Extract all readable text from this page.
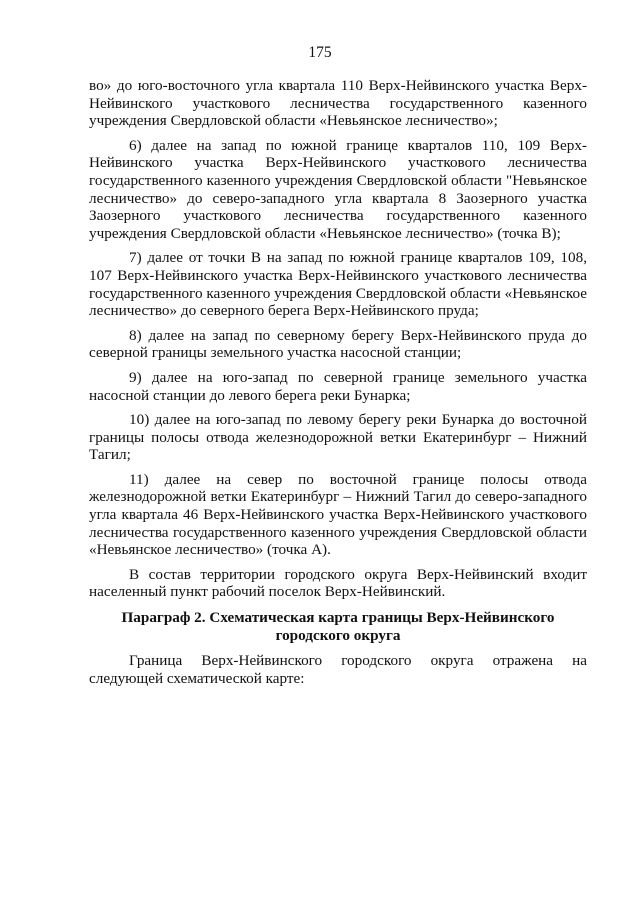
175

во» до юго-восточного угла квартала 110 Верх-Нейвинского участка Верх-Нейвинского участкового лесничества государственного казенного учреждения Свердловской области «Невьянское лесничество»;

6) далее на запад по южной границе кварталов 110, 109 Верх-Нейвинского участка Верх-Нейвинского участкового лесничества государственного казенного учреждения Свердловской области "Невьянское лесничество» до северо-западного угла квартала 8 Заозерного участка Заозерного участкового лесничества государственного казенного учреждения Свердловской области «Невьянское лесничество» (точка В);

7) далее от точки В на запад по южной границе кварталов 109, 108, 107 Верх-Нейвинского участка Верх-Нейвинского участкового лесничества государственного казенного учреждения Свердловской области «Невьянское лесничество» до северного берега Верх-Нейвинского пруда;

8) далее на запад по северному берегу Верх-Нейвинского пруда до северной границы земельного участка насосной станции;

9) далее на юго-запад по северной границе земельного участка насосной станции до левого берега реки Бунарка;

10) далее на юго-запад по левому берегу реки Бунарка до восточной границы полосы отвода железнодорожной ветки Екатеринбург – Нижний Тагил;

11) далее на север по восточной границе полосы отвода железнодорожной ветки Екатеринбург – Нижний Тагил до северо-западного угла квартала 46 Верх-Нейвинского участка Верх-Нейвинского участкового лесничества государственного казенного учреждения Свердловской области «Невьянское лесничество» (точка А).

В состав территории городского округа Верх-Нейвинский входит населенный пункт рабочий поселок Верх-Нейвинский.

Параграф 2. Схематическая карта границы Верх-Нейвинского городского округа

Граница Верх-Нейвинского городского округа отражена на следующей схематической карте:
